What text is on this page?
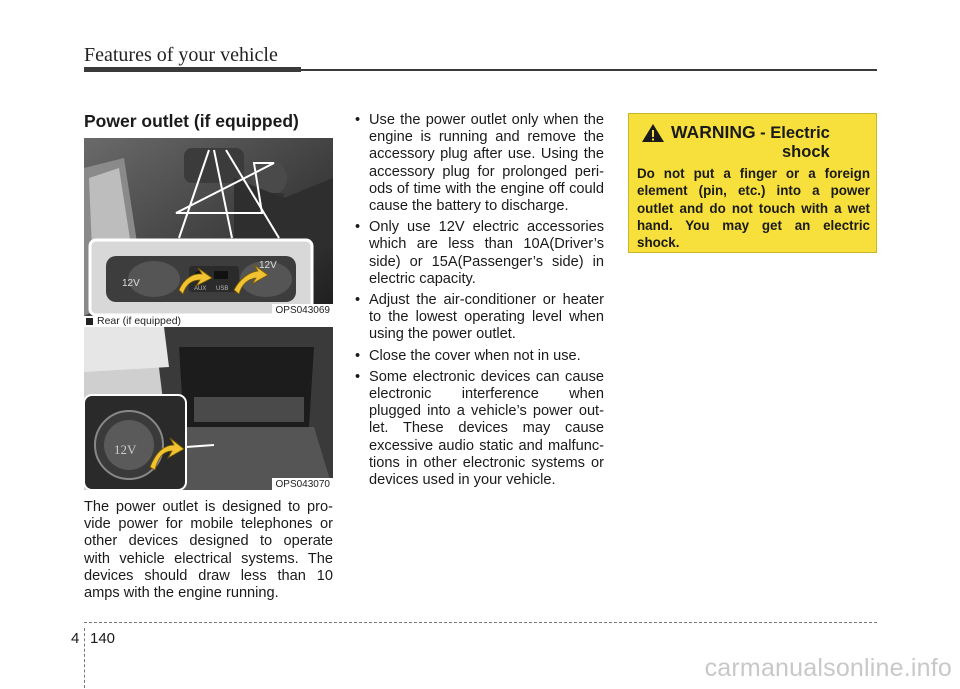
Features of your vehicle
Power outlet (if equipped)
12V
12V
AUX USB
OPS043069
Rear (if equipped)
12V
OPS043070
The power outlet is designed to provide power for mobile telephones or other devices designed to operate with vehicle electrical systems. The devices should draw less than 10 amps with the engine running.
• Use the power outlet only when the engine is running and remove the accessory plug after use. Using the accessory plug for prolonged periods of time with the engine off could cause the battery to discharge.
• Only use 12V electric accessories which are less than 10A(Driver’s side) or 15A(Passenger’s side) in electric capacity.
• Adjust the air-conditioner or heater to the lowest operating level when using the power outlet.
• Close the cover when not in use.
• Some electronic devices can cause electronic interference when plugged into a vehicle’s power outlet. These devices may cause excessive audio static and malfunctions in other electronic systems or devices used in your vehicle.
WARNING - Electric
shock
Do not put a finger or a foreign element (pin, etc.) into a power outlet and do not touch with a wet hand. You may get an electric shock.
4 140
carmanualsonline.info
